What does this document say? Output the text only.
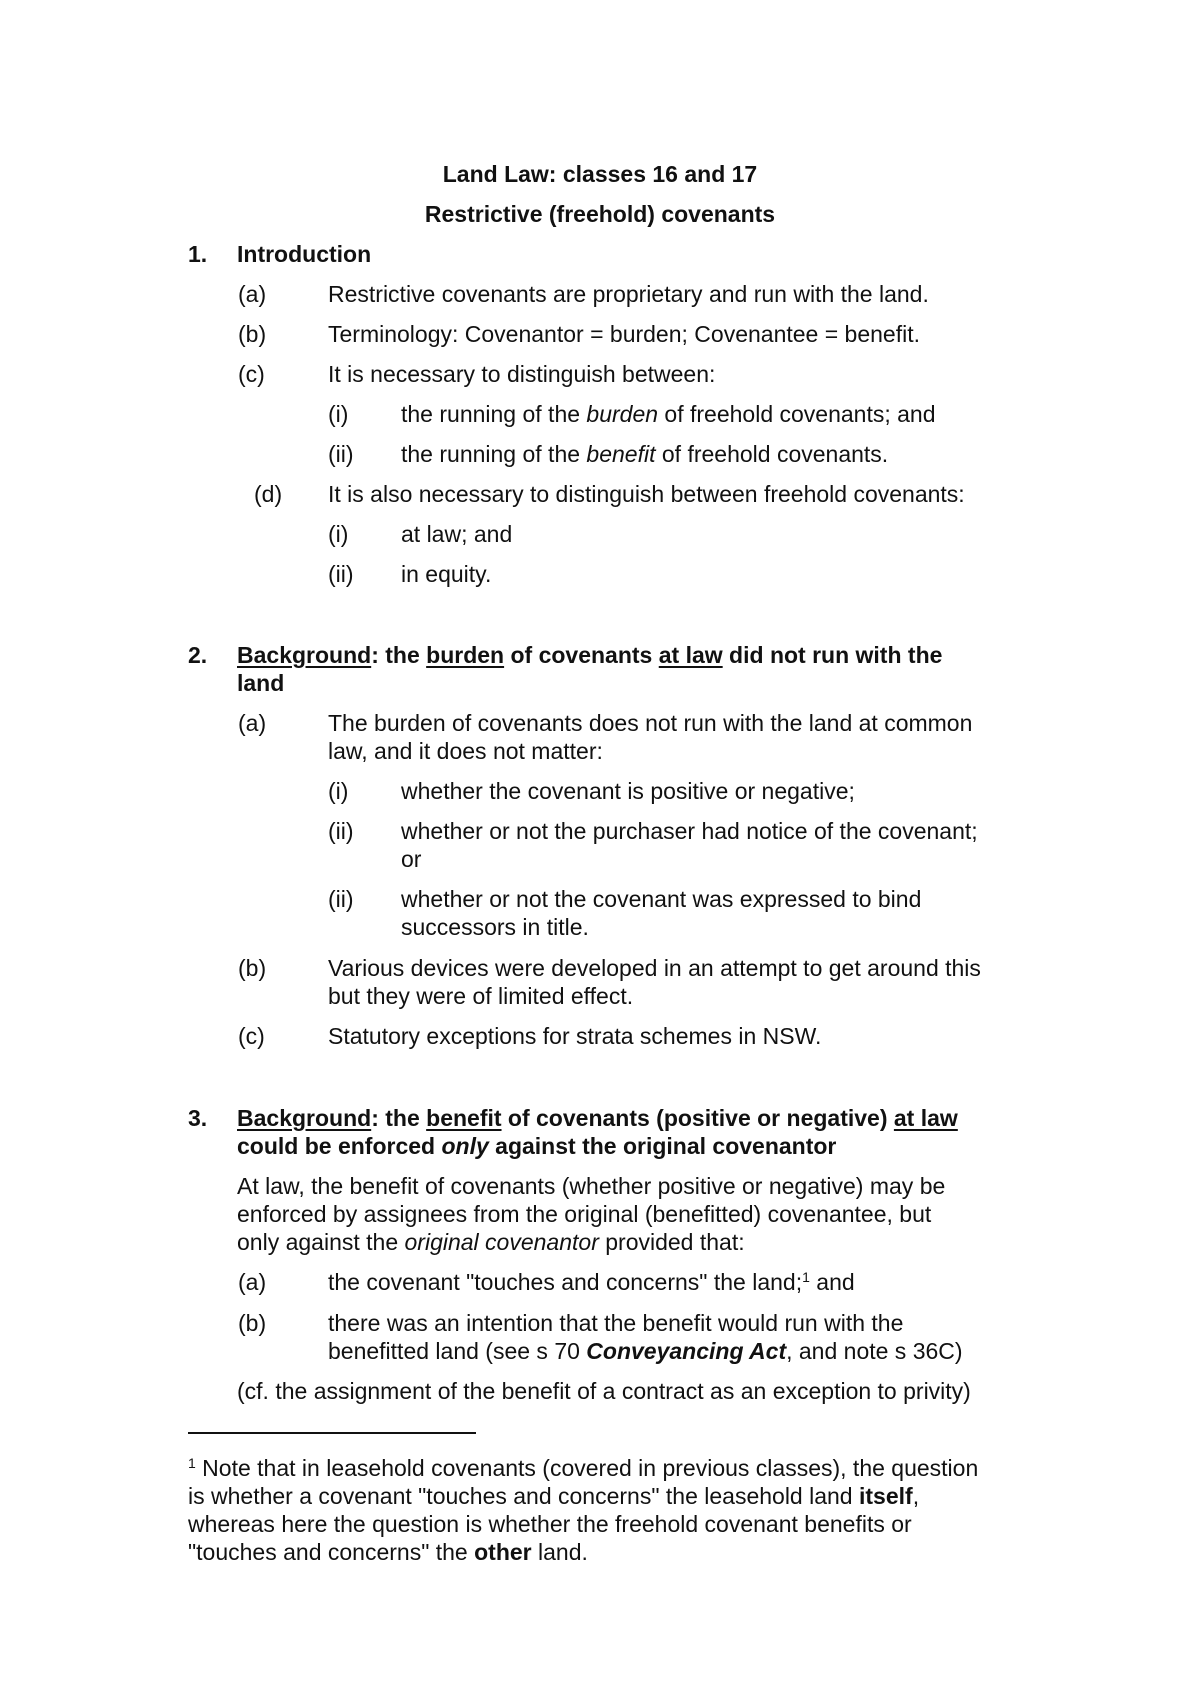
Land Law: classes 16 and 17
Restrictive (freehold) covenants
1. Introduction
(a)	Restrictive covenants are proprietary and run with the land.
(b)	Terminology: Covenantor = burden; Covenantee = benefit.
(c)	It is necessary to distinguish between:
(i) the running of the burden of freehold covenants; and
(ii) the running of the benefit of freehold covenants.
(d) It is also necessary to distinguish between freehold covenants:
(i) at law; and
(ii) in equity.
2. Background: the burden of covenants at law did not run with the
land
(a)	The burden of covenants does not run with the land at common
law, and it does not matter:
(i) whether the covenant is positive or negative;
(ii) whether or not the purchaser had notice of the covenant;
or
(ii) whether or not the covenant was expressed to bind
successors in title.
(b)	Various devices were developed in an attempt to get around this
but they were of limited effect.
(c)	Statutory exceptions for strata schemes in NSW.
3. Background: the benefit of covenants (positive or negative) at law
could be enforced only against the original covenantor
At law, the benefit of covenants (whether positive or negative) may be
enforced by assignees from the original (benefitted) covenantee, but
only against the original covenantor provided that:
(a)	the covenant "touches and concerns" the land;$^1$ and
(b)	there was an intention that the benefit would run with the
benefitted land (see s 70 Conveyancing Act, and note s 36C)
(cf. the assignment of the benefit of a contract as an exception to privity)
$^1$ Note that in leasehold covenants (covered in previous classes), the question
is whether a covenant "touches and concerns" the leasehold land itself,
whereas here the question is whether the freehold covenant benefits or
"touches and concerns" the other land.
